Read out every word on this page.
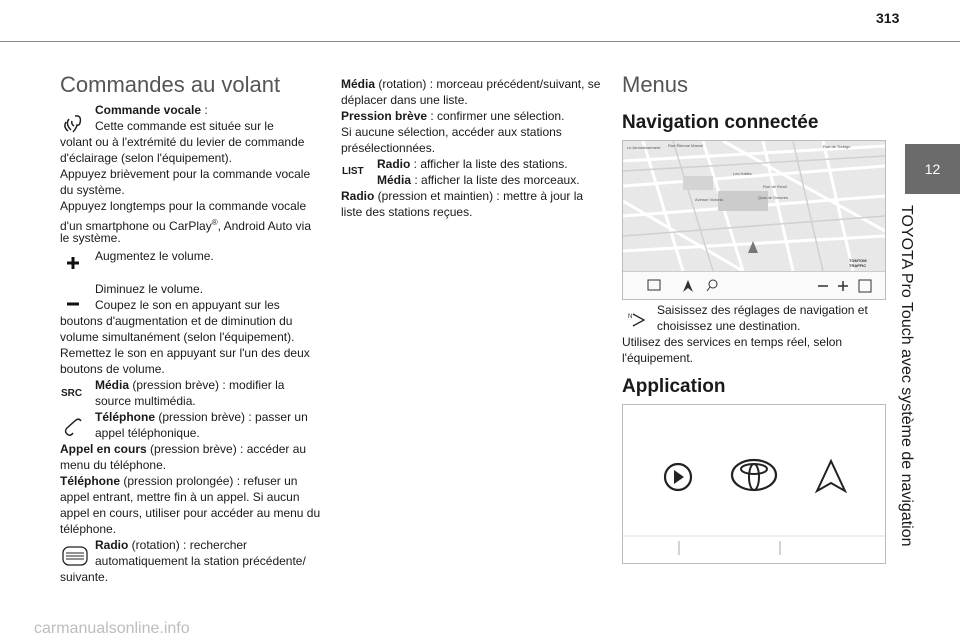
313
12
TOYOTA Pro Touch avec système de navigation
Commandes au volant
Commande vocale :
Cette commande est située sur le
volant ou à l'extrémité du levier de commande
d'éclairage (selon l'équipement).
Appuyez brièvement pour la commande vocale
du système.
Appuyez longtemps pour la commande vocale
d'un smartphone ou CarPlay®, Android Auto via
le système.
Augmentez le volume.
Diminuez le volume.
Coupez le son en appuyant sur les
boutons d'augmentation et de diminution du
volume simultanément (selon l'équipement).
Remettez le son en appuyant sur l'un des deux
boutons de volume.
SRC
Média (pression brève) : modifier la
source multimédia.
Téléphone (pression brève) : passer un
appel téléphonique.
Appel en cours (pression brève) : accéder au
menu du téléphone.
Téléphone (pression prolongée) : refuser un
appel entrant, mettre fin à un appel. Si aucun
appel en cours, utiliser pour accéder au menu du
téléphone.
Radio (rotation) : rechercher
automatiquement la station précédente/
suivante.
Média (rotation) : morceau précédent/suivant, se
déplacer dans une liste.
Pression brève : confirmer une sélection.
Si aucune sélection, accéder aux stations
présélectionnées.
LIST
Radio : afficher la liste des stations.
Média : afficher la liste des morceaux.
Radio (pression et maintien) : mettre à jour la
liste des stations reçues.
Menus
Navigation connectée
Le Arrondissement Rue Étienne Marcel	Rue de Turbigo
Les Halles
Rue de Rivoli
Avenue Victoria	Quai de Gesvres
TOMTOM TRAFFIC
N Saisissez des réglages de navigation et
choisissez une destination.
Utilisez des services en temps réel, selon
l'équipement.
Application
carmanualsonline.info
